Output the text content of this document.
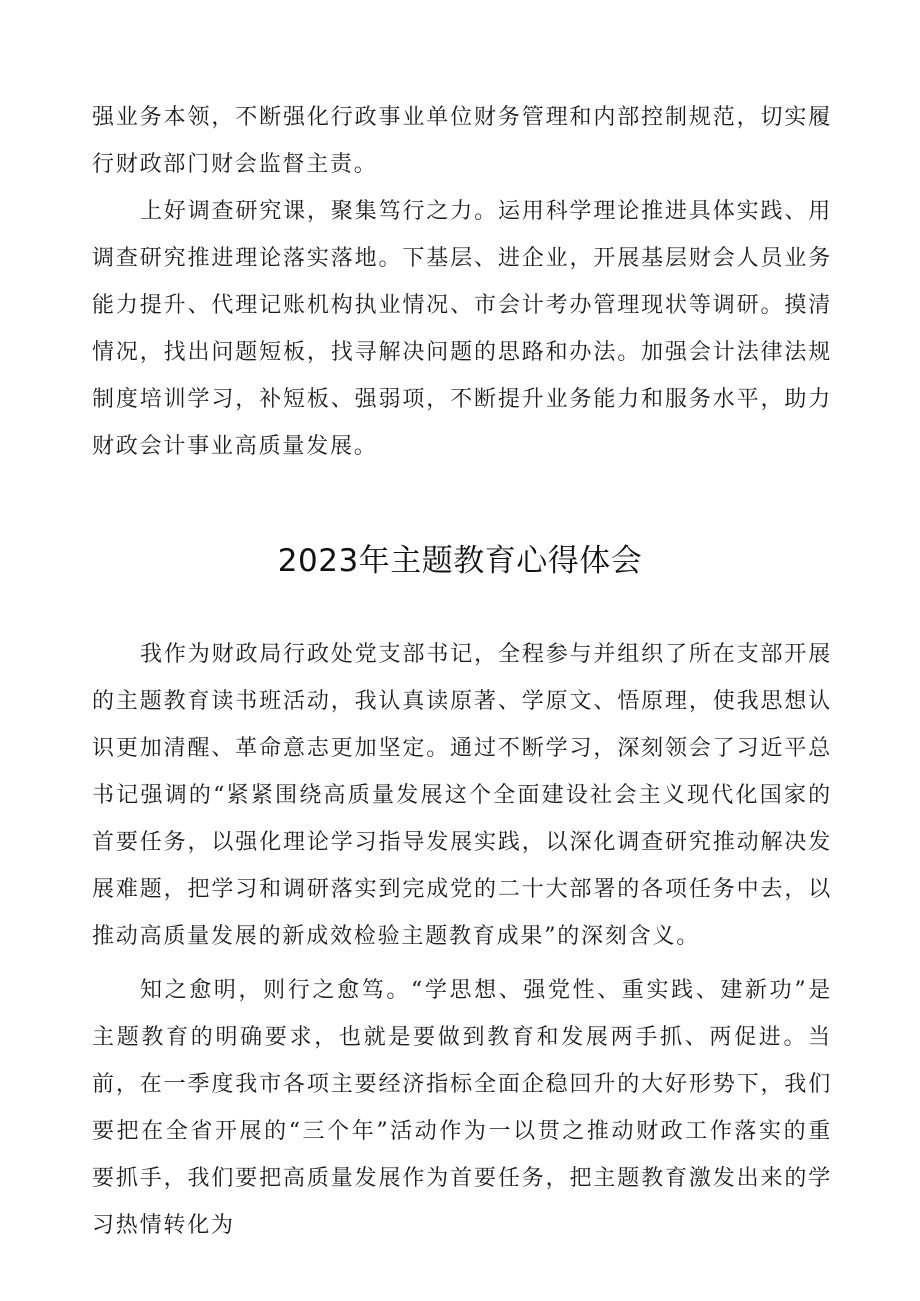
强业务本领，不断强化行政事业单位财务管理和内部控制规范，切实履行财政部门财会监督主责。

上好调查研究课，聚集笃行之力。运用科学理论推进具体实践、用调查研究推进理论落实落地。下基层、进企业，开展基层财会人员业务能力提升、代理记账机构执业情况、市会计考办管理现状等调研。摸清情况，找出问题短板，找寻解决问题的思路和办法。加强会计法律法规制度培训学习，补短板、强弱项，不断提升业务能力和服务水平，助力财政会计事业高质量发展。

2023年主题教育心得体会

我作为财政局行政处党支部书记，全程参与并组织了所在支部开展的主题教育读书班活动，我认真读原著、学原文、悟原理，使我思想认识更加清醒、革命意志更加坚定。通过不断学习，深刻领会了习近平总书记强调的“紧紧围绕高质量发展这个全面建设社会主义现代化国家的首要任务，以强化理论学习指导发展实践，以深化调查研究推动解决发展难题，把学习和调研落实到完成党的二十大部署的各项任务中去，以推动高质量发展的新成效检验主题教育成果”的深刻含义。

知之愈明，则行之愈笃。“学思想、强党性、重实践、建新功”是主题教育的明确要求，也就是要做到教育和发展两手抓、两促进。当前，在一季度我市各项主要经济指标全面企稳回升的大好形势下，我们要把在全省开展的“三个年”活动作为一以贯之推动财政工作落实的重要抓手，我们要把高质量发展作为首要任务，把主题教育激发出来的学习热情转化为
